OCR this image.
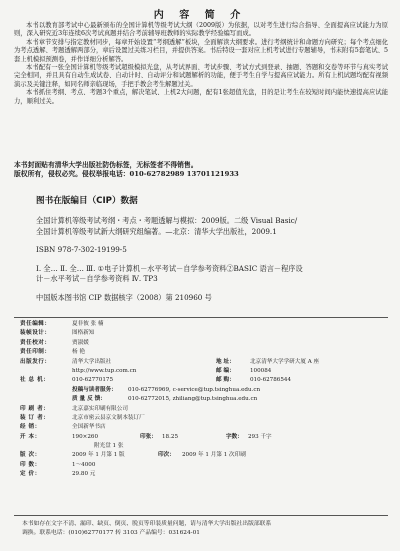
内 容 简 介

本书以教育部考试中心最新颁布的全国计算机等级考试大纲（2009版）为依据，以对考生进行综合指导、全面提高应试能力为原则，深入研究近3年连续6次考试真题并结合考前辅导班教师的实际教学经验编写而成。

本书章节安排与指定教材同步，每章开始设置“考纲透解”板块，全面解读大纲要求。进行考纲统计和命题方向研究；每个考点细化为考点透解、考题透解两部分，章后设置过关练习栏目，并提供答案。书后特设一套对应上机考试进行专题辅导，书末附有5套笔试、5套上机模拟预测卷，并作详细分析解答。

本书配有一张全国计算机等级考试超级模拟光盘，从考试界面、考试步骤、考试方式到登录、抽题、答题和交卷等环节与真实考试完全相同，并且具有自动生成试卷、自动计时、自动评分和试题解析的功能，便于考生自学与提高应试能力。所有上机试题均配有视频演示及关键注释，如同名师亲临现场，手把手教会考生解题过关。

本书抓住考纲、考点、考题3个重点，解决笔试、上机2大问题，配有1张超值光盘，目的是让考生在较短时间内能快速提高应试能力，顺利过关。

本书封面贴有清华大学出版社防伪标签，无标签者不得销售。
版权所有，侵权必究。侵权举报电话：010-62782989 13701121933
图书在版编目（CIP）数据
全国计算机等级考试考纲・考点・考题透解与模拟：2009版。二级 Visual Basic/
全国计算机等级考试新大纲研究组编著。—北京：清华大学出版社，2009.1
ISBN 978-7-302-19199-5
Ⅰ. 全… Ⅱ. 全… Ⅲ. ①电子计算机－水平考试－自学参考资料②BASIC 语言－程序设
计－水平考试－自学参考资料 Ⅳ. TP3
中国版本图书馆 CIP 数据核字（2008）第 210960 号
责任编辑：	夏非彼 张 楠
装帧设计：	图格新知
责任校对：	贾淑媛
责任印制：	杨 艳
出版发行：	清华大学出版社	地 址：	北京清华大学学研大厦 A 座
http://www.tup.com.cn	邮 编：	100084
社 总 机：	010-62770175	邮 购：	010-62786544
投稿与读者服务： 010-62776969, c-service@tup.tsinghua.edu.cn
质 量 反 馈：	010-62772015, zhiliang@tup.tsinghua.edu.cn
印 刷 者：	北京嘉实印刷有限公司
装 订 者：	北京市密云县京文制本装订厂
经 销：	全国新华书店
开 本：	190×260	印张： 18.25	字数： 293 千字
附光盘 1 张
版 次：	2009 年 1 月第 1 版	印次： 2009 年 1 月第 1 次印刷
印 数：	1～4000
定 价：	29.80 元
本书如存在文字不清、漏印、缺页、倒页、脱页等印装质量问题，请与清华大学出版社出版部联系
调换。联系电话：(010)62770177 转 3103 产品编号：031624-01
